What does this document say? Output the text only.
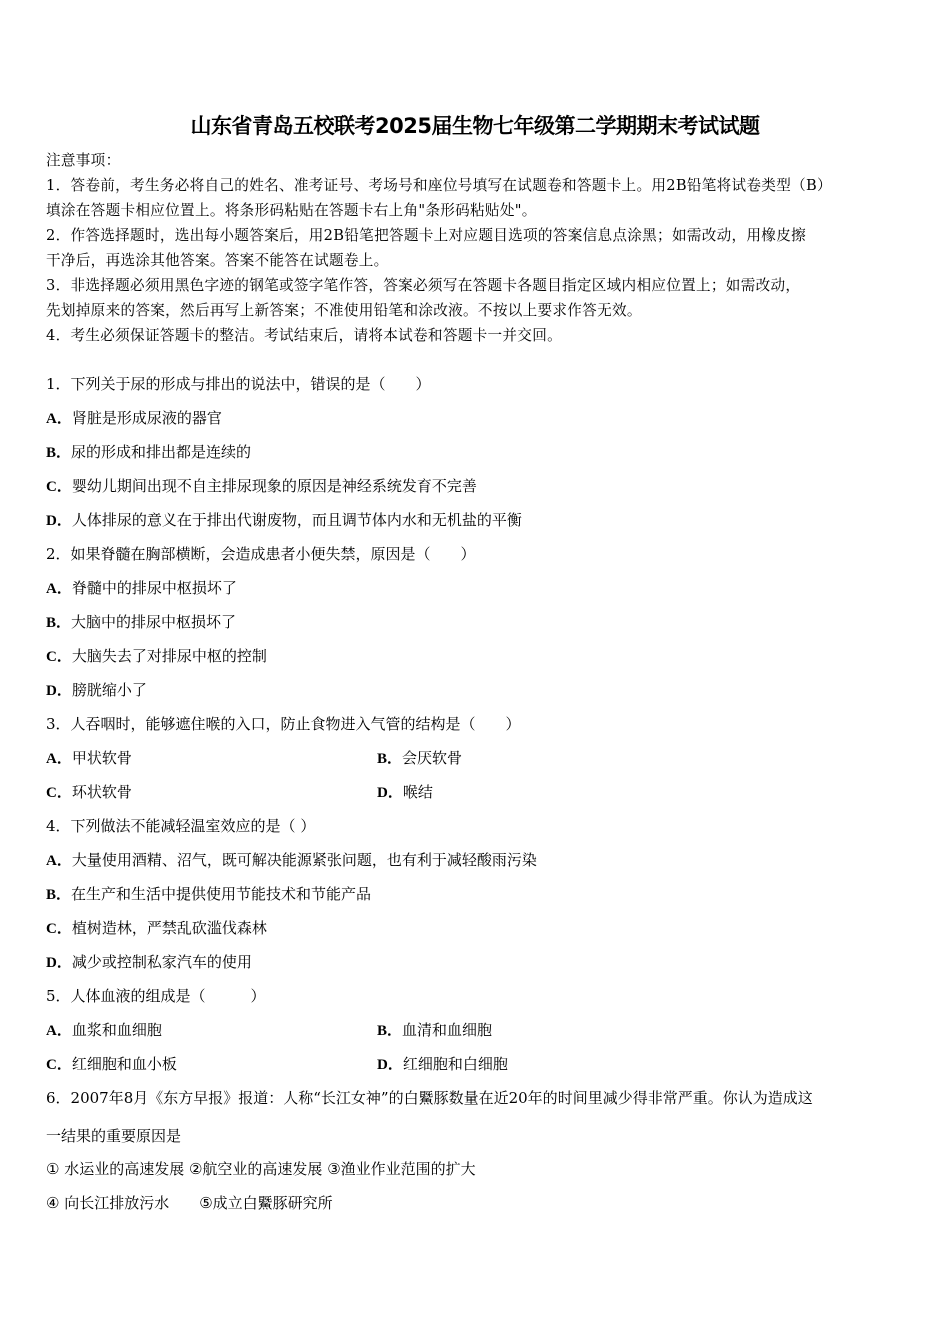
山东省青岛五校联考2025届生物七年级第二学期期末考试试题
注意事项：
1．答卷前，考生务必将自己的姓名、准考证号、考场号和座位号填写在试题卷和答题卡上。用2B铅笔将试卷类型（B）
填涂在答题卡相应位置上。将条形码粘贴在答题卡右上角"条形码粘贴处"。
2．作答选择题时，选出每小题答案后，用2B铅笔把答题卡上对应题目选项的答案信息点涂黑；如需改动，用橡皮擦
干净后，再选涂其他答案。答案不能答在试题卷上。
3．非选择题必须用黑色字迹的钢笔或签字笔作答，答案必须写在答题卡各题目指定区域内相应位置上；如需改动，
先划掉原来的答案，然后再写上新答案；不准使用铅笔和涂改液。不按以上要求作答无效。
4．考生必须保证答题卡的整洁。考试结束后，请将本试卷和答题卡一并交回。
1．下列关于尿的形成与排出的说法中，错误的是（　　）
A．肾脏是形成尿液的器官
B．尿的形成和排出都是连续的
C．婴幼儿期间出现不自主排尿现象的原因是神经系统发育不完善
D．人体排尿的意义在于排出代谢废物，而且调节体内水和无机盐的平衡
2．如果脊髓在胸部横断，会造成患者小便失禁，原因是（　　）
A．脊髓中的排尿中枢损坏了
B．大脑中的排尿中枢损坏了
C．大脑失去了对排尿中枢的控制
D．膀胱缩小了
3．人吞咽时，能够遮住喉的入口，防止食物进入气管的结构是（　　）
A．甲状软骨	B．会厌软骨
C．环状软骨	D．喉结
4．下列做法不能减轻温室效应的是（ ）
A．大量使用酒精、沼气，既可解决能源紧张问题，也有利于减轻酸雨污染
B．在生产和生活中提供使用节能技术和节能产品
C．植树造林，严禁乱砍滥伐森林
D．减少或控制私家汽车的使用
5．人体血液的组成是（　　　）
A．血浆和血细胞	B．血清和血细胞
C．红细胞和血小板	D．红细胞和白细胞
6．2007年8月《东方早报》报道：人称“长江女神”的白鱀豚数量在近20年的时间里减少得非常严重。你认为造成这
一结果的重要原因是
① 水运业的高速发展 ②航空业的高速发展 ③渔业作业范围的扩大
④ 向长江排放污水　　⑤成立白鱀豚研究所
